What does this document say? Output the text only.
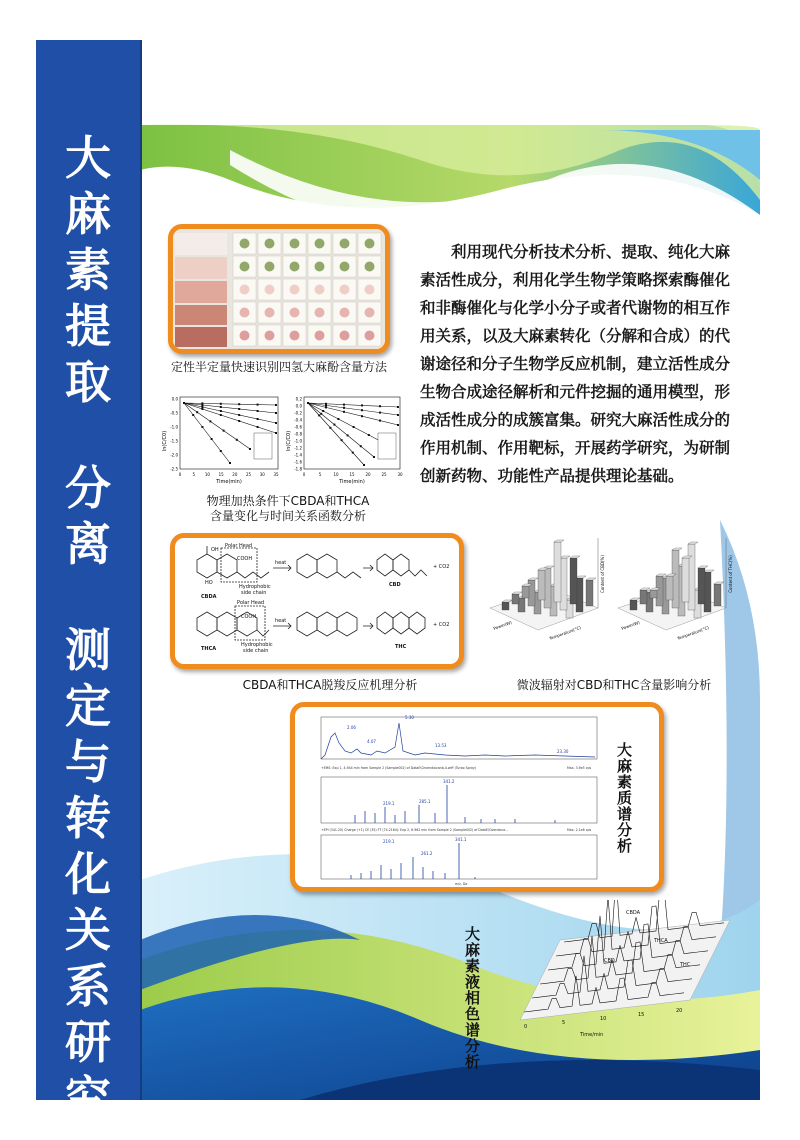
大
麻
素
提
取
分
离
测
定
与
转
化
关
系
研
究
定性半定量快速识别四氢大麻酚含量方法
ln(C/C0)
Time(min)
0	5 10 15 20 25 30 35
0.0
-0.5
-1.0
-1.5
-2.0
-2.5
ln(C/C0)
Time(min)
0	5	10	15	20	25	30
0.2
0.0
-0.2
-0.4
-0.6
-0.8
-1.0
-1.2
-1.4
-1.6
-1.8
物理加热条件下CBDA和THCA
含量变化与时间关系函数分析
利用现代分析技术分析、提取、纯化大麻素活性成分，利用化学生物学策略探索酶催化和非酶催化与化学小分子或者代谢物的相互作用关系，以及大麻素转化（分解和合成）的代谢途径和分子生物学反应机制，建立活性成分生物合成途径解析和元件挖掘的通用模型，形成活性成分的成簇富集。研究大麻活性成分的作用机制、作用靶标，开展药学研究，为研制创新药物、功能性产品提供理论基础。
Polar Head
COOH
Hydrophobic
side chain
OH
HO
CBDA
heat
CBD
+ CO2
Polar Head
COOH
Hydrophobic
side chain
THCA
heat
THC
+ CO2
CBDA和THCA脱羧反应机理分析
Content of CBD(%)
Power(W)	Temperature(°C)
Content of THC(%)
Power(W)	Temperature(°C)
微波辐射对CBD和THC含量影响分析
2.06
5.30
4.07
13.53
23.30
341.2
219.1	285.1
341.1
219.1
261.2
+EMS: Exp 1, 4.944 min from Sample 2 (Sample002) of DataE\Grvendiocanb-4.wiff (Turbo Spray)
+EPI (341.20) Charge (+1) CE (35) FT (74.2164): Exp 2, 6.962 min from Sample 2 (Sample002) of DataE\Gvendoca...
Max. 3.9e5 cps
Max. 2.1e6 cps
m/z, Da
大麻素质谱分析
CBDA
THCA
CBD
THC
Time/min
0
5
10
15
20
大麻素液相色谱分析
